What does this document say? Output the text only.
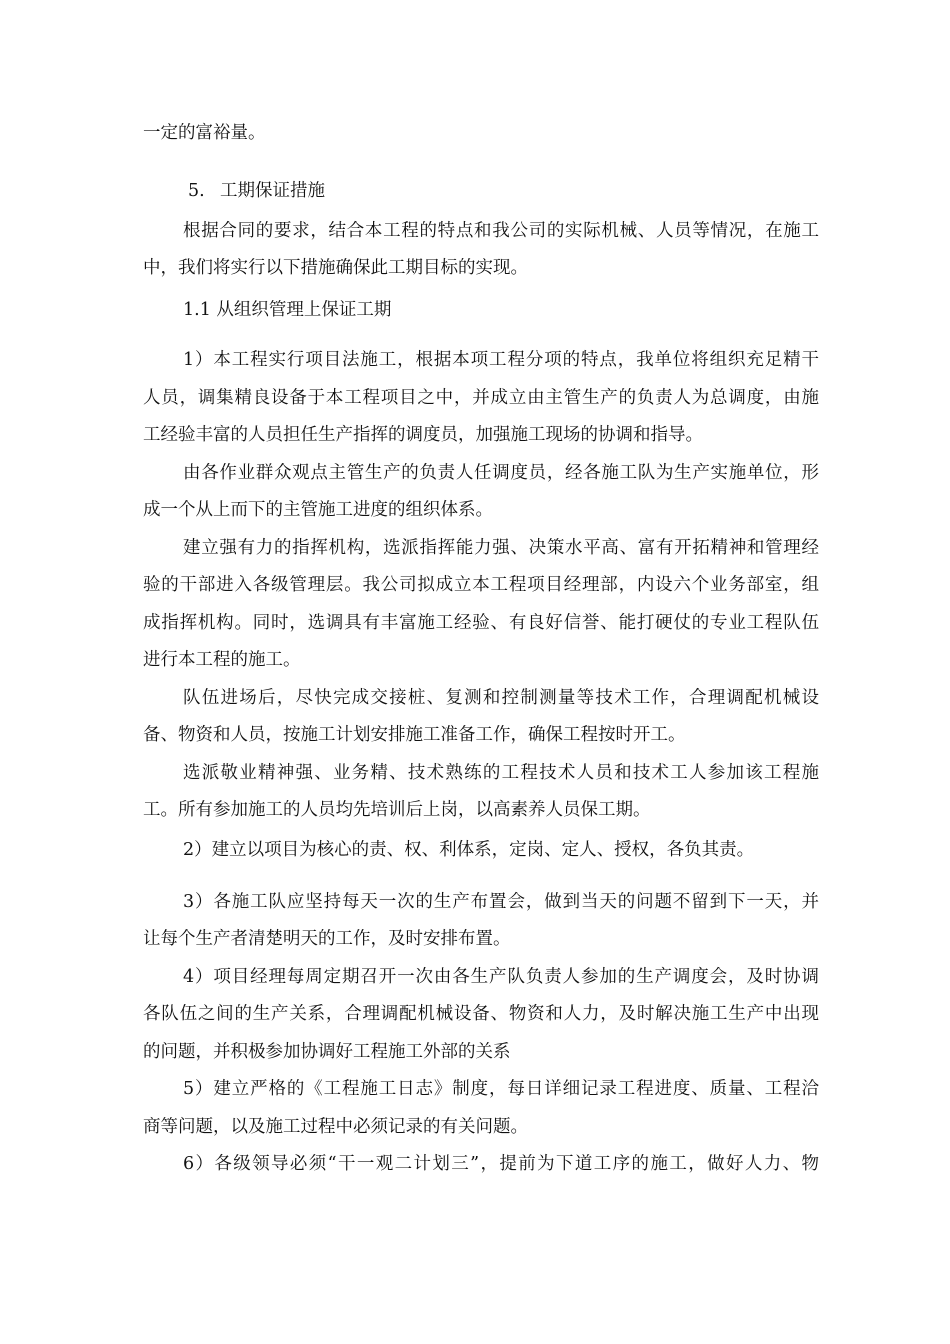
一定的富裕量。
5. 工期保证措施
根据合同的要求，结合本工程的特点和我公司的实际机械、人员等情况，在施工
中，我们将实行以下措施确保此工期目标的实现。
1.1 从组织管理上保证工期
1）本工程实行项目法施工，根据本项工程分项的特点，我单位将组织充足精干
人员，调集精良设备于本工程项目之中，并成立由主管生产的负责人为总调度，由施
工经验丰富的人员担任生产指挥的调度员，加强施工现场的协调和指导。
由各作业群众观点主管生产的负责人任调度员，经各施工队为生产实施单位，形
成一个从上而下的主管施工进度的组织体系。
建立强有力的指挥机构，选派指挥能力强、决策水平高、富有开拓精神和管理经
验的干部进入各级管理层。我公司拟成立本工程项目经理部，内设六个业务部室，组
成指挥机构。同时，选调具有丰富施工经验、有良好信誉、能打硬仗的专业工程队伍
进行本工程的施工。
队伍进场后，尽快完成交接桩、复测和控制测量等技术工作，合理调配机械设
备、物资和人员，按施工计划安排施工准备工作，确保工程按时开工。
选派敬业精神强、业务精、技术熟练的工程技术人员和技术工人参加该工程施
工。所有参加施工的人员均先培训后上岗，以高素养人员保工期。
2）建立以项目为核心的责、权、利体系，定岗、定人、授权，各负其责。
3）各施工队应坚持每天一次的生产布置会，做到当天的问题不留到下一天，并
让每个生产者清楚明天的工作，及时安排布置。
4）项目经理每周定期召开一次由各生产队负责人参加的生产调度会，及时协调
各队伍之间的生产关系，合理调配机械设备、物资和人力，及时解决施工生产中出现
的问题，并积极参加协调好工程施工外部的关系
5）建立严格的《工程施工日志》制度，每日详细记录工程进度、质量、工程洽
商等问题，以及施工过程中必须记录的有关问题。
6）各级领导必须“干一观二计划三”，提前为下道工序的施工，做好人力、物
